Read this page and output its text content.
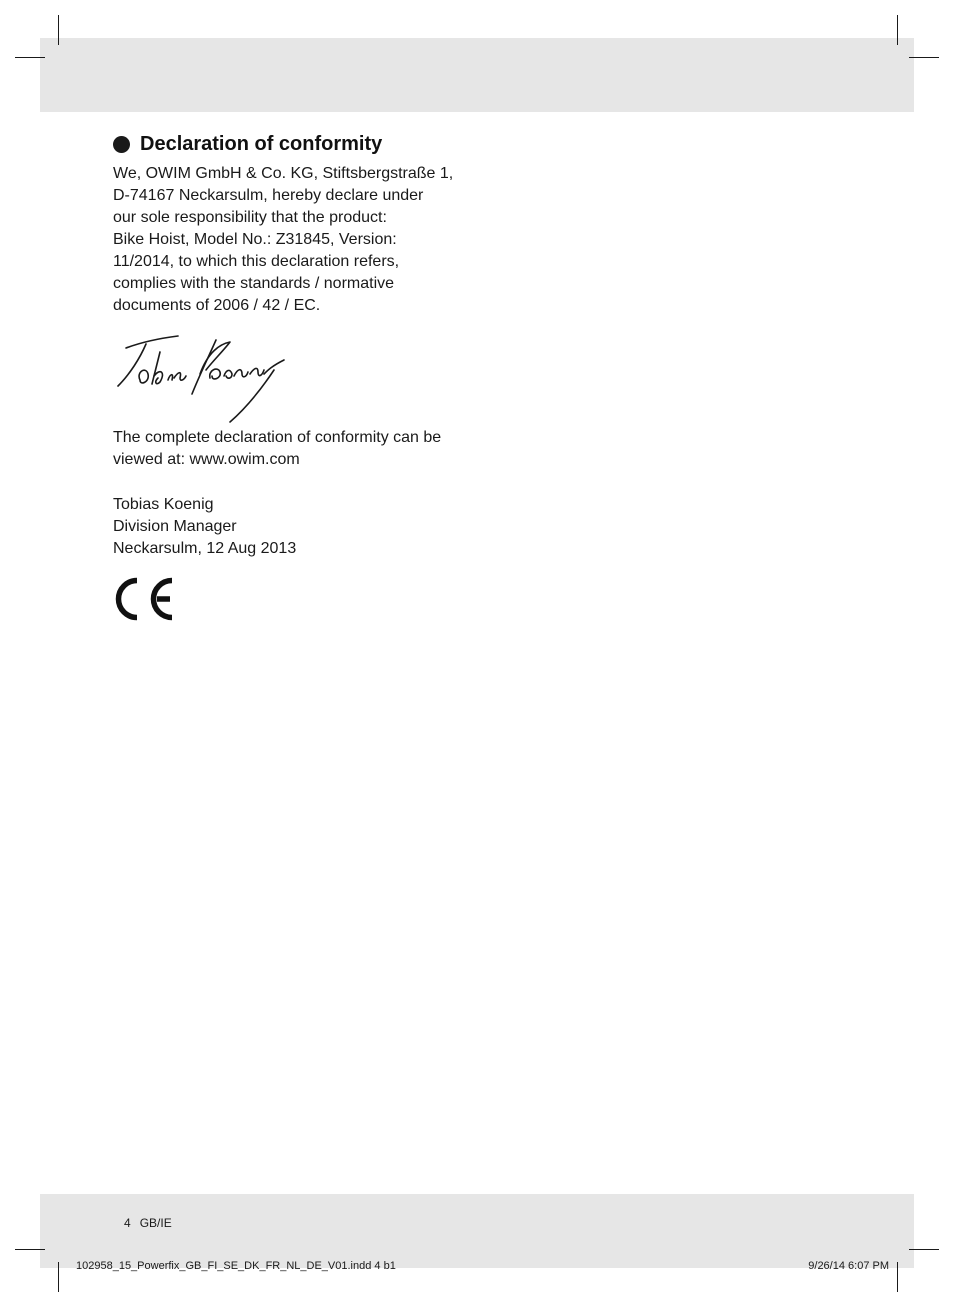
Declaration of conformity
We, OWIM GmbH & Co. KG, Stiftsbergstraße 1,
D-74167 Neckarsulm, hereby declare under
our sole responsibility that the product:
Bike Hoist, Model No.: Z31845, Version:
11/2014, to which this declaration refers,
complies with the standards / normative
documents of 2006 / 42 / EC.
The complete declaration of conformity can be
viewed at: www.owim.com
Tobias Koenig
Division Manager
Neckarsulm, 12 Aug 2013
4 GB/IE
102958_15_Powerfix_GB_FI_SE_DK_FR_NL_DE_V01.indd 4 b1	9/26/14 6:07 PM
